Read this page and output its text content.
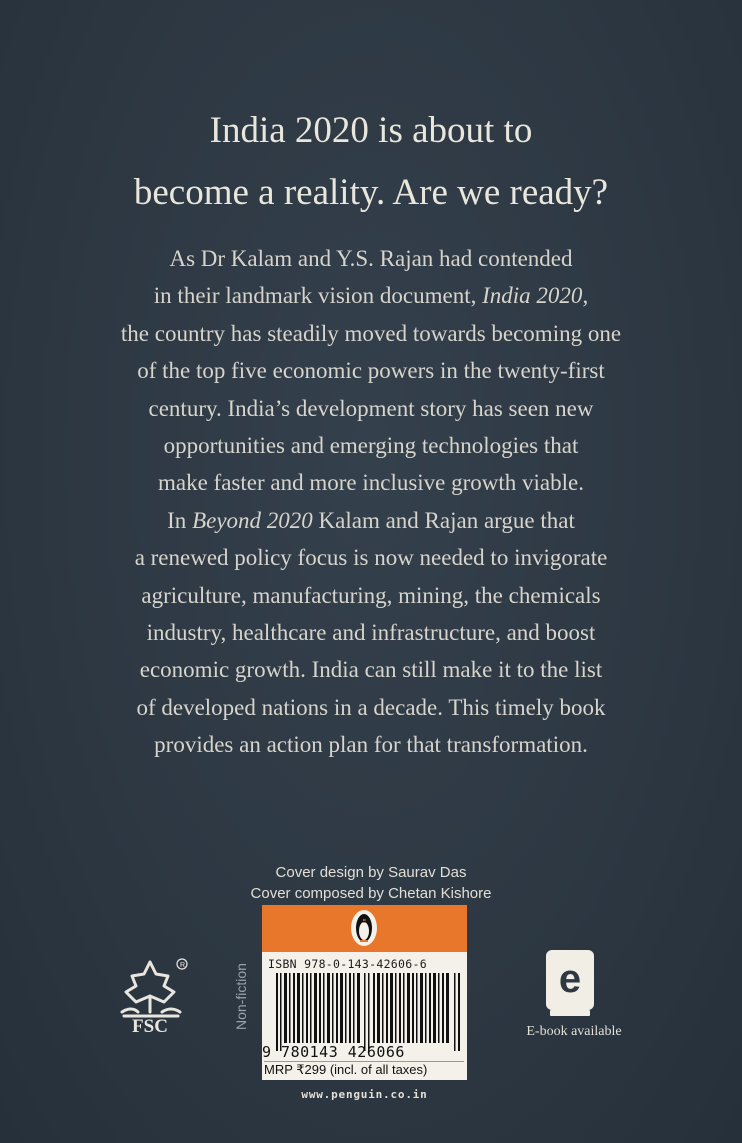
India 2020 is about to
become a reality. Are we ready?
As Dr Kalam and Y.S. Rajan had contended
in their landmark vision document, India 2020,
the country has steadily moved towards becoming one
of the top five economic powers in the twenty-first
century. India’s development story has seen new
opportunities and emerging technologies that
make faster and more inclusive growth viable.
In Beyond 2020 Kalam and Rajan argue that
a renewed policy focus is now needed to invigorate
agriculture, manufacturing, mining, the chemicals
industry, healthcare and infrastructure, and boost
economic growth. India can still make it to the list
of developed nations in a decade. This timely book
provides an action plan for that transformation.
Cover design by Saurav Das
Cover composed by Chetan Kishore
R
FSC	Non-fiction ISBN 978-0-143-42606-6
9 780143 426066
MRP ₹299 (incl. of all taxes)
www.penguin.co.in
e
E-book available
